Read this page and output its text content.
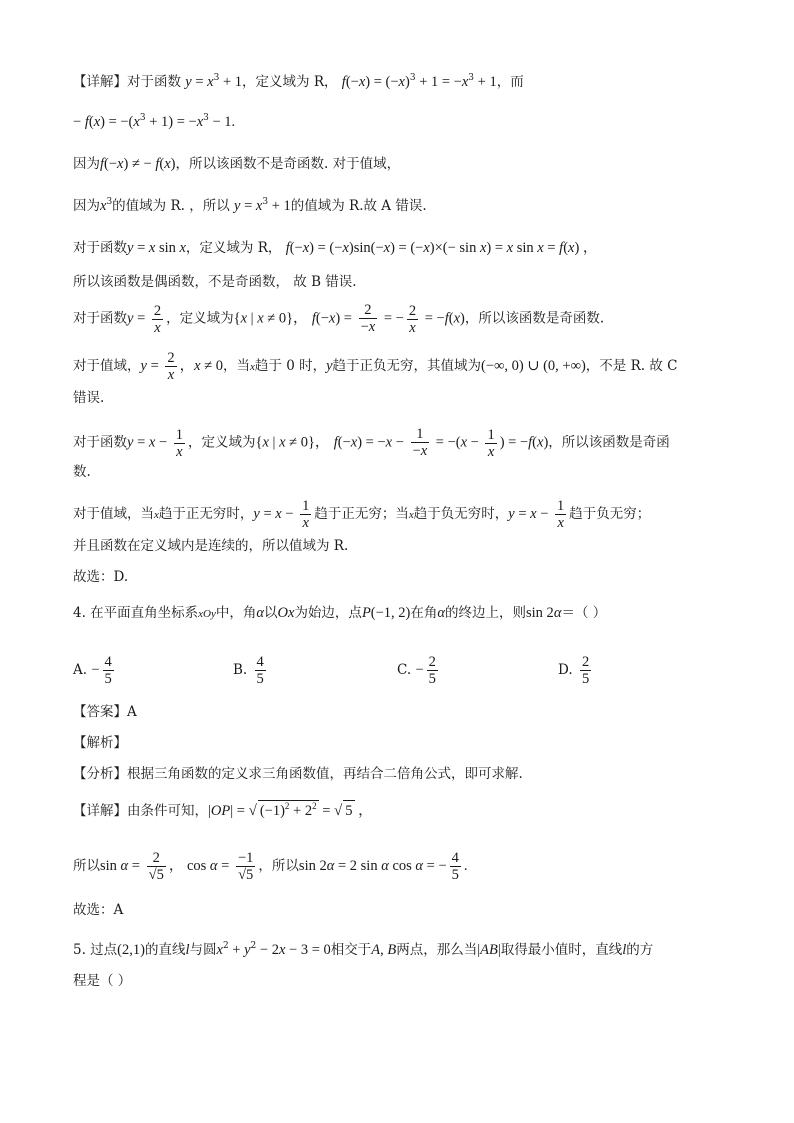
【详解】对于函数 $y = x^3 + 1$，定义域为 R， $f(-x) = (-x)^3 + 1 = -x^3 + 1$，而
− $f(x) = -(x^3 + 1) = -x^3 - 1$.
因为f(−x) ≠ − f(x)，所以该函数不是奇函数. 对于值域，
因为$x^3$的值域为 R. ，所以 $y = x^3 + 1$的值域为 R.故 A 错误.
对于函数y = x sin x，定义域为 R， f(−x) = (−x)sin(−x) = (−x)×(− sin x) = x sin x = f(x) ，
所以该函数是偶函数，不是奇函数， 故 B 错误.
对于函数$y = \frac{2}{x}$ ，定义域为{x | x ≠ 0}， $f(-x) = \frac{2}{-x}$ = − $\frac{2}{x} = -f(x)$，所以该函数是奇函数.
对于值域，$y = \frac{2}{x}$ ，x ≠ 0，当x趋于 0 时，y趋于正负无穷，其值域为(−∞, 0) ∪ (0, +∞)，不是 R. 故 C
错误.
对于函数$y = x - \frac{1}{x}$ ，定义域为{x | x ≠ 0}， $f(-x) = -x - \frac{1}{-x} = -(x - \frac{1}{x}$ ) = −f(x)，所以该函数是奇函
数.
对于值域，当x趋于正无穷时，$y = x - \frac{1}{x}$ 趋于正无穷；当x趋于负无穷时，$y = x - \frac{1}{x}$ 趋于负无穷；
并且函数在定义域内是连续的，所以值域为 R.
故选：D.
4. 在平面直角坐标系xOy中，角α以Ox为始边，点P(−1, 2)在角α的终边上，则sin 2α＝（ ）
A. − $\frac{4}{5}$	B. $\frac{4}{5}$	C. − $\frac{2}{5}$	D. $\frac{2}{5}$
【答案】A
【解析】
【分析】根据三角函数的定义求三角函数值，再结合二倍角公式，即可求解.
【详解】由条件可知，|OP| = √ $(-1)^2 + 2^2$ = √ 5 ，
所以$\sin \alpha = \frac{2}{√5}$ ， $\cos \alpha = \frac{-1}{√5}$ ，所以sin 2α = 2 sin α cos α = − $\frac{4}{5}$ .
故选：A
5. 过点(2,1)的直线l与圆$x^2 + y^2 - 2x - 3 = 0$相交于A, B两点，那么当|AB|取得最小值时，直线l的方
程是（ ）
